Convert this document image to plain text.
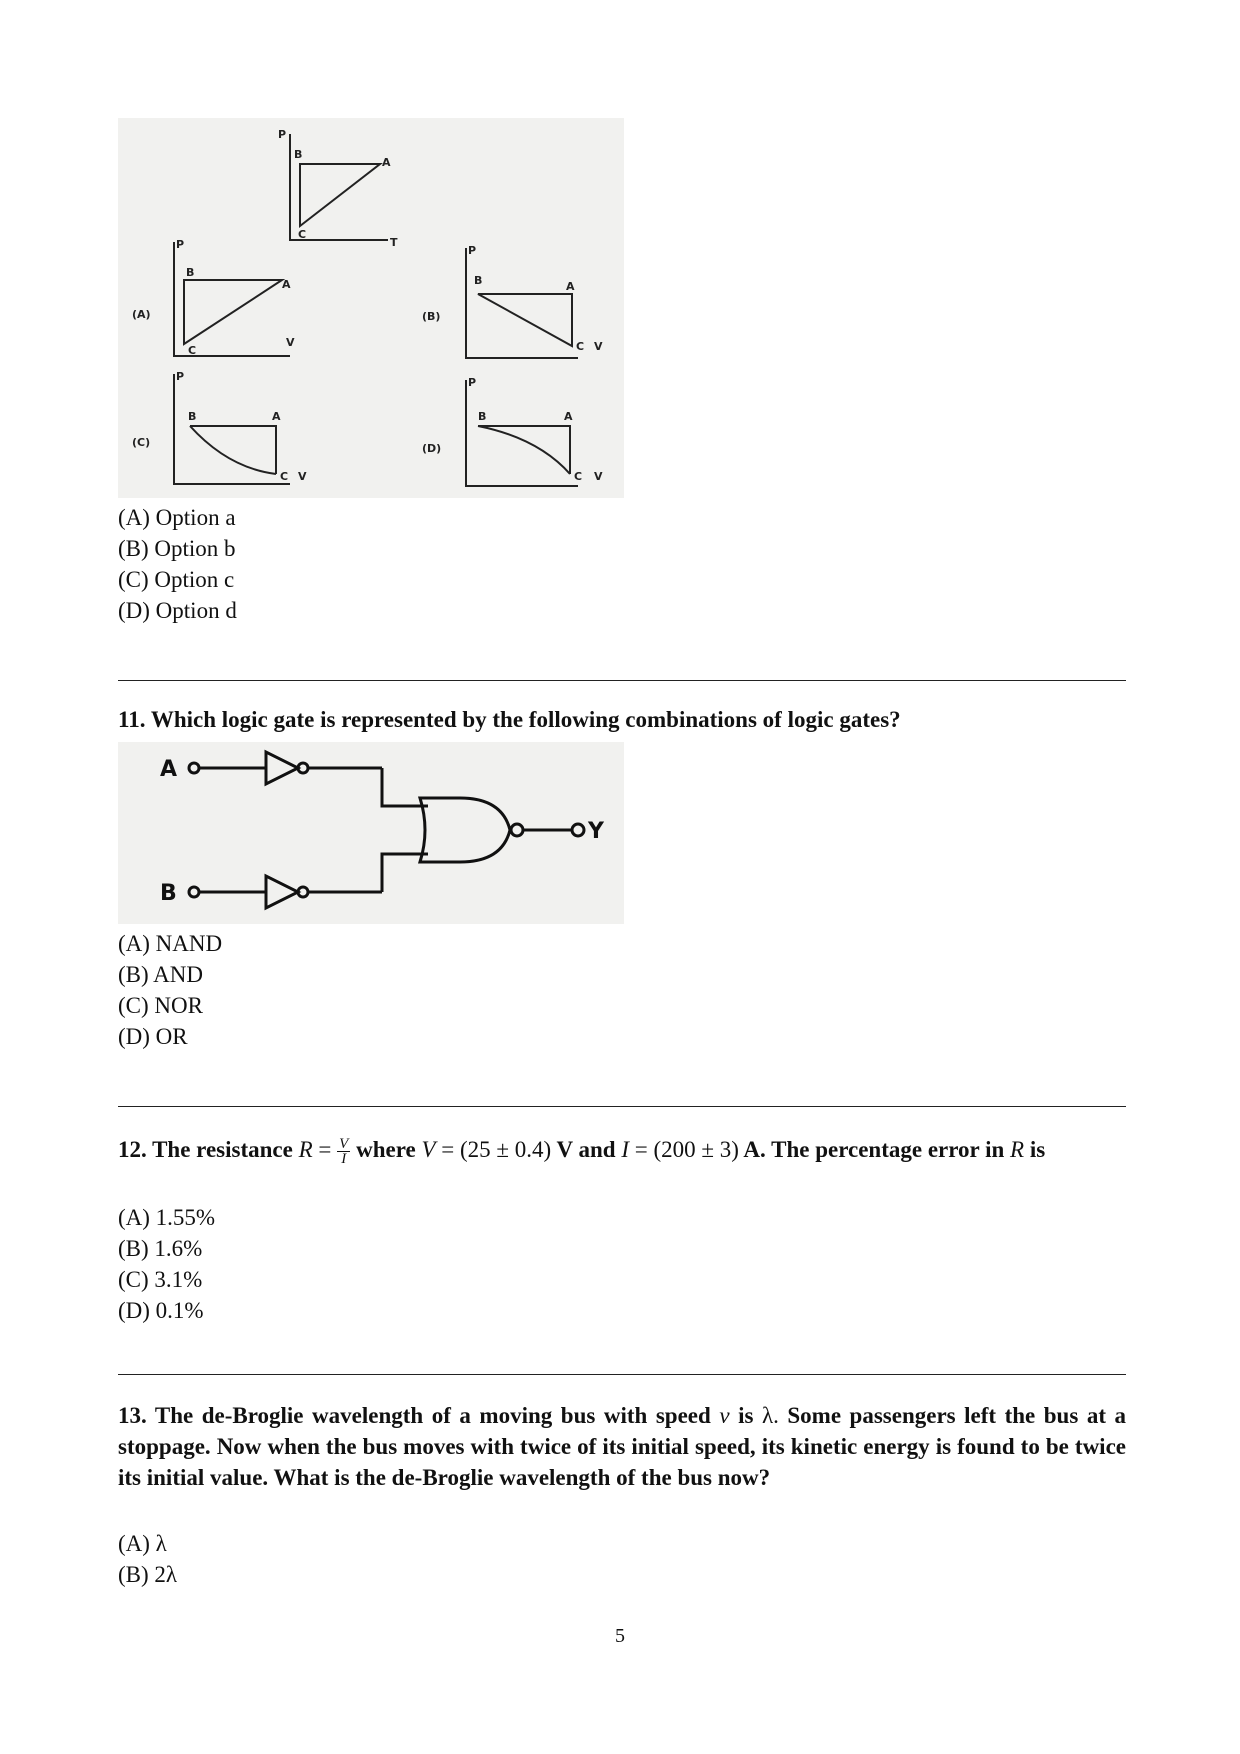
P
T
A
B
C
(A)
P
V
A
B
C
(B)
P
V
A
B
C
(C)
P
V
A
B
C
(D)
P
V
A
B
C
(A) Option a
(B) Option b
(C) Option c
(D) Option d
11. Which logic gate is represented by the following combinations of logic gates?
A
B
Y
(A) NAND
(B) AND
(C) NOR
(D) OR
12. The resistance $R = \frac{V}{I}$ where V = (25 ± 0.4) V and I = (200 ± 3) A. The percentage error in R is
(A) 1.55%
(B) 1.6%
(C) 3.1%
(D) 0.1%
13. The de-Broglie wavelength of a moving bus with speed v is λ. Some passengers left the bus at a stoppage. Now when the bus moves with twice of its initial speed, its kinetic energy is found to be twice its initial value. What is the de-Broglie wavelength of the bus now?
(A) λ
(B) 2λ
5
